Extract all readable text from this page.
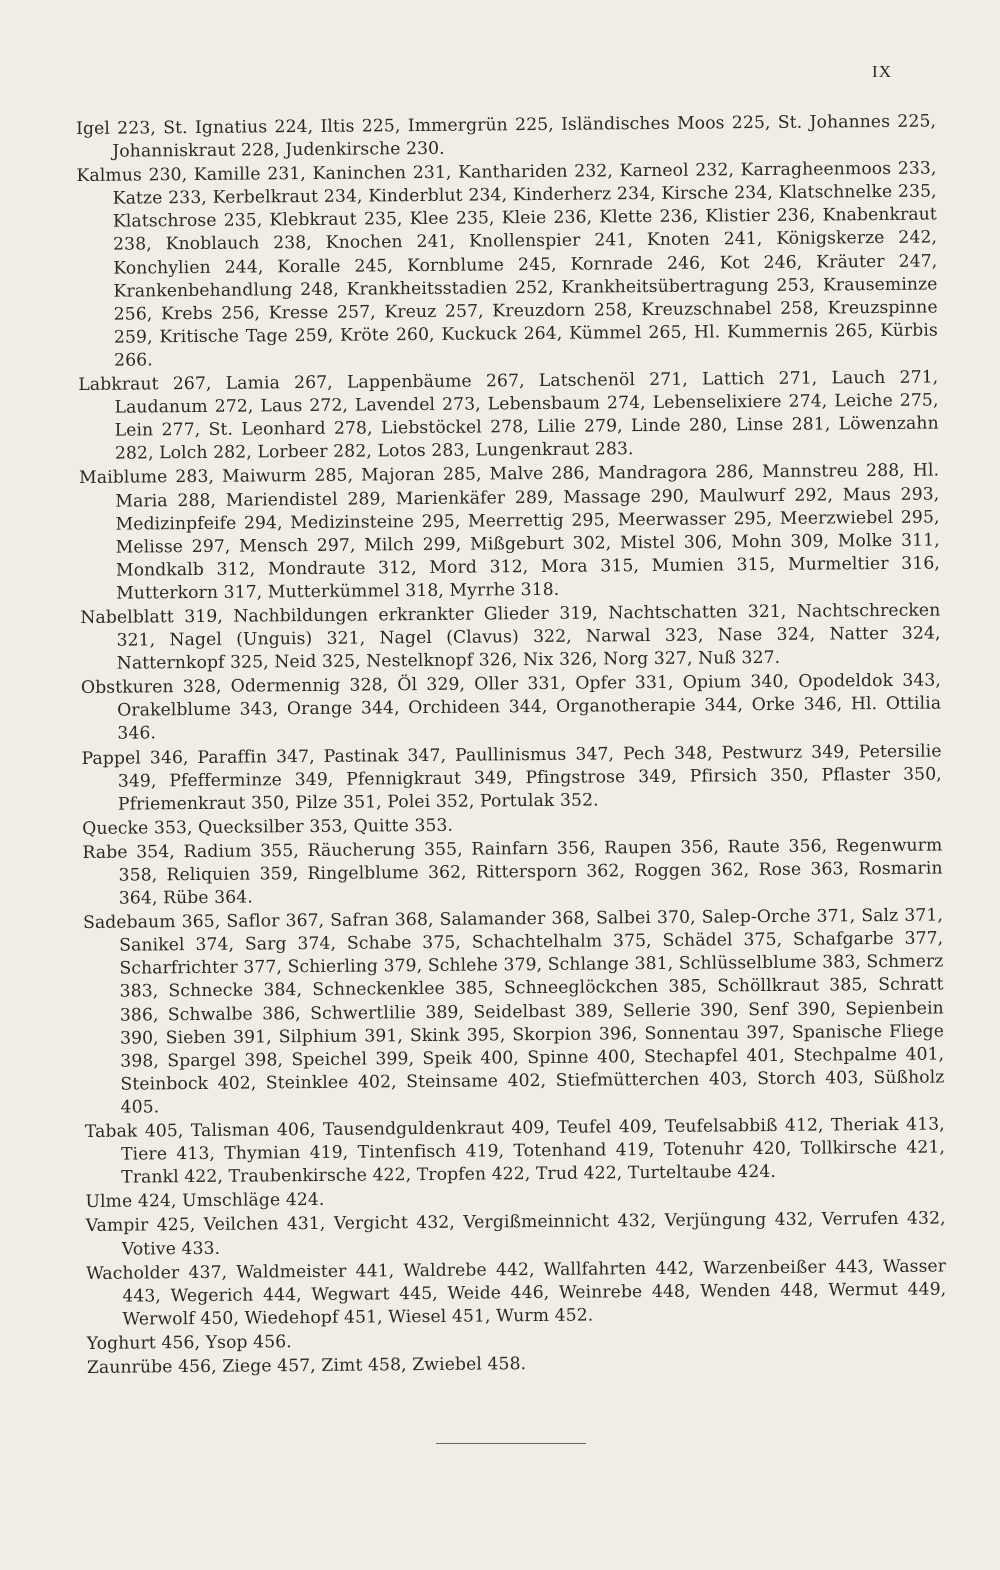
IX

Igel 223, St. Ignatius 224, Iltis 225, Immergrün 225, Isländisches Moos 225, St. Johannes 225, Johanniskraut 228, Judenkirsche 230.

Kalmus 230, Kamille 231, Kaninchen 231, Kanthariden 232, Karneol 232, Karragheenmoos 233, Katze 233, Kerbelkraut 234, Kinderblut 234, Kinderherz 234, Kirsche 234, Klatschnelke 235, Klatschrose 235, Klebkraut 235, Klee 235, Kleie 236, Klette 236, Klistier 236, Knabenkraut 238, Knoblauch 238, Knochen 241, Knollenspier 241, Knoten 241, Königskerze 242, Konchylien 244, Koralle 245, Kornblume 245, Kornrade 246, Kot 246, Kräuter 247, Krankenbehandlung 248, Krankheitsstadien 252, Krankheitsübertragung 253, Krauseminze 256, Krebs 256, Kresse 257, Kreuz 257, Kreuzdorn 258, Kreuzschnabel 258, Kreuzspinne 259, Kritische Tage 259, Kröte 260, Kuckuck 264, Kümmel 265, Hl. Kummernis 265, Kürbis 266.

Labkraut 267, Lamia 267, Lappenbäume 267, Latschenöl 271, Lattich 271, Lauch 271, Laudanum 272, Laus 272, Lavendel 273, Lebensbaum 274, Lebenselixiere 274, Leiche 275, Lein 277, St. Leonhard 278, Liebstöckel 278, Lilie 279, Linde 280, Linse 281, Löwenzahn 282, Lolch 282, Lorbeer 282, Lotos 283, Lungenkraut 283.

Maiblume 283, Maiwurm 285, Majoran 285, Malve 286, Mandragora 286, Mannstreu 288, Hl. Maria 288, Mariendistel 289, Marienkäfer 289, Massage 290, Maulwurf 292, Maus 293, Medizinpfeife 294, Medizinsteine 295, Meerrettig 295, Meerwasser 295, Meerzwiebel 295, Melisse 297, Mensch 297, Milch 299, Mißgeburt 302, Mistel 306, Mohn 309, Molke 311, Mondkalb 312, Mondraute 312, Mord 312, Mora 315, Mumien 315, Murmeltier 316, Mutterkorn 317, Mutterkümmel 318, Myrrhe 318.

Nabelblatt 319, Nachbildungen erkrankter Glieder 319, Nachtschatten 321, Nachtschrecken 321, Nagel (Unguis) 321, Nagel (Clavus) 322, Narwal 323, Nase 324, Natter 324, Natternkopf 325, Neid 325, Nestelknopf 326, Nix 326, Norg 327, Nuß 327.

Obstkuren 328, Odermennig 328, Öl 329, Oller 331, Opfer 331, Opium 340, Opodeldok 343, Orakelblume 343, Orange 344, Orchideen 344, Organotherapie 344, Orke 346, Hl. Ottilia 346.

Pappel 346, Paraffin 347, Pastinak 347, Paullinismus 347, Pech 348, Pestwurz 349, Petersilie 349, Pfefferminze 349, Pfennigkraut 349, Pfingstrose 349, Pfirsich 350, Pflaster 350, Pfriemenkraut 350, Pilze 351, Polei 352, Portulak 352.

Quecke 353, Quecksilber 353, Quitte 353.

Rabe 354, Radium 355, Räucherung 355, Rainfarn 356, Raupen 356, Raute 356, Regenwurm 358, Reliquien 359, Ringelblume 362, Rittersporn 362, Roggen 362, Rose 363, Rosmarin 364, Rübe 364.

Sadebaum 365, Saflor 367, Safran 368, Salamander 368, Salbei 370, Salep-Orche 371, Salz 371, Sanikel 374, Sarg 374, Schabe 375, Schachtelhalm 375, Schädel 375, Schafgarbe 377, Scharfrichter 377, Schierling 379, Schlehe 379, Schlange 381, Schlüsselblume 383, Schmerz 383, Schnecke 384, Schneckenklee 385, Schneeglöckchen 385, Schöllkraut 385, Schratt 386, Schwalbe 386, Schwertlilie 389, Seidelbast 389, Sellerie 390, Senf 390, Sepienbein 390, Sieben 391, Silphium 391, Skink 395, Skorpion 396, Sonnentau 397, Spanische Fliege 398, Spargel 398, Speichel 399, Speik 400, Spinne 400, Stechapfel 401, Stechpalme 401, Steinbock 402, Steinklee 402, Steinsame 402, Stiefmütterchen 403, Storch 403, Süßholz 405.

Tabak 405, Talisman 406, Tausendguldenkraut 409, Teufel 409, Teufelsabbiß 412, Theriak 413, Tiere 413, Thymian 419, Tintenfisch 419, Totenhand 419, Totenuhr 420, Tollkirsche 421, Trankl 422, Traubenkirsche 422, Tropfen 422, Trud 422, Turteltaube 424.

Ulme 424, Umschläge 424.

Vampir 425, Veilchen 431, Vergicht 432, Vergißmeinnicht 432, Verjüngung 432, Verrufen 432, Votive 433.

Wacholder 437, Waldmeister 441, Waldrebe 442, Wallfahrten 442, Warzenbeißer 443, Wasser 443, Wegerich 444, Wegwart 445, Weide 446, Weinrebe 448, Wenden 448, Wermut 449, Werwolf 450, Wiedehopf 451, Wiesel 451, Wurm 452.

Yoghurt 456, Ysop 456.

Zaunrübe 456, Ziege 457, Zimt 458, Zwiebel 458.
